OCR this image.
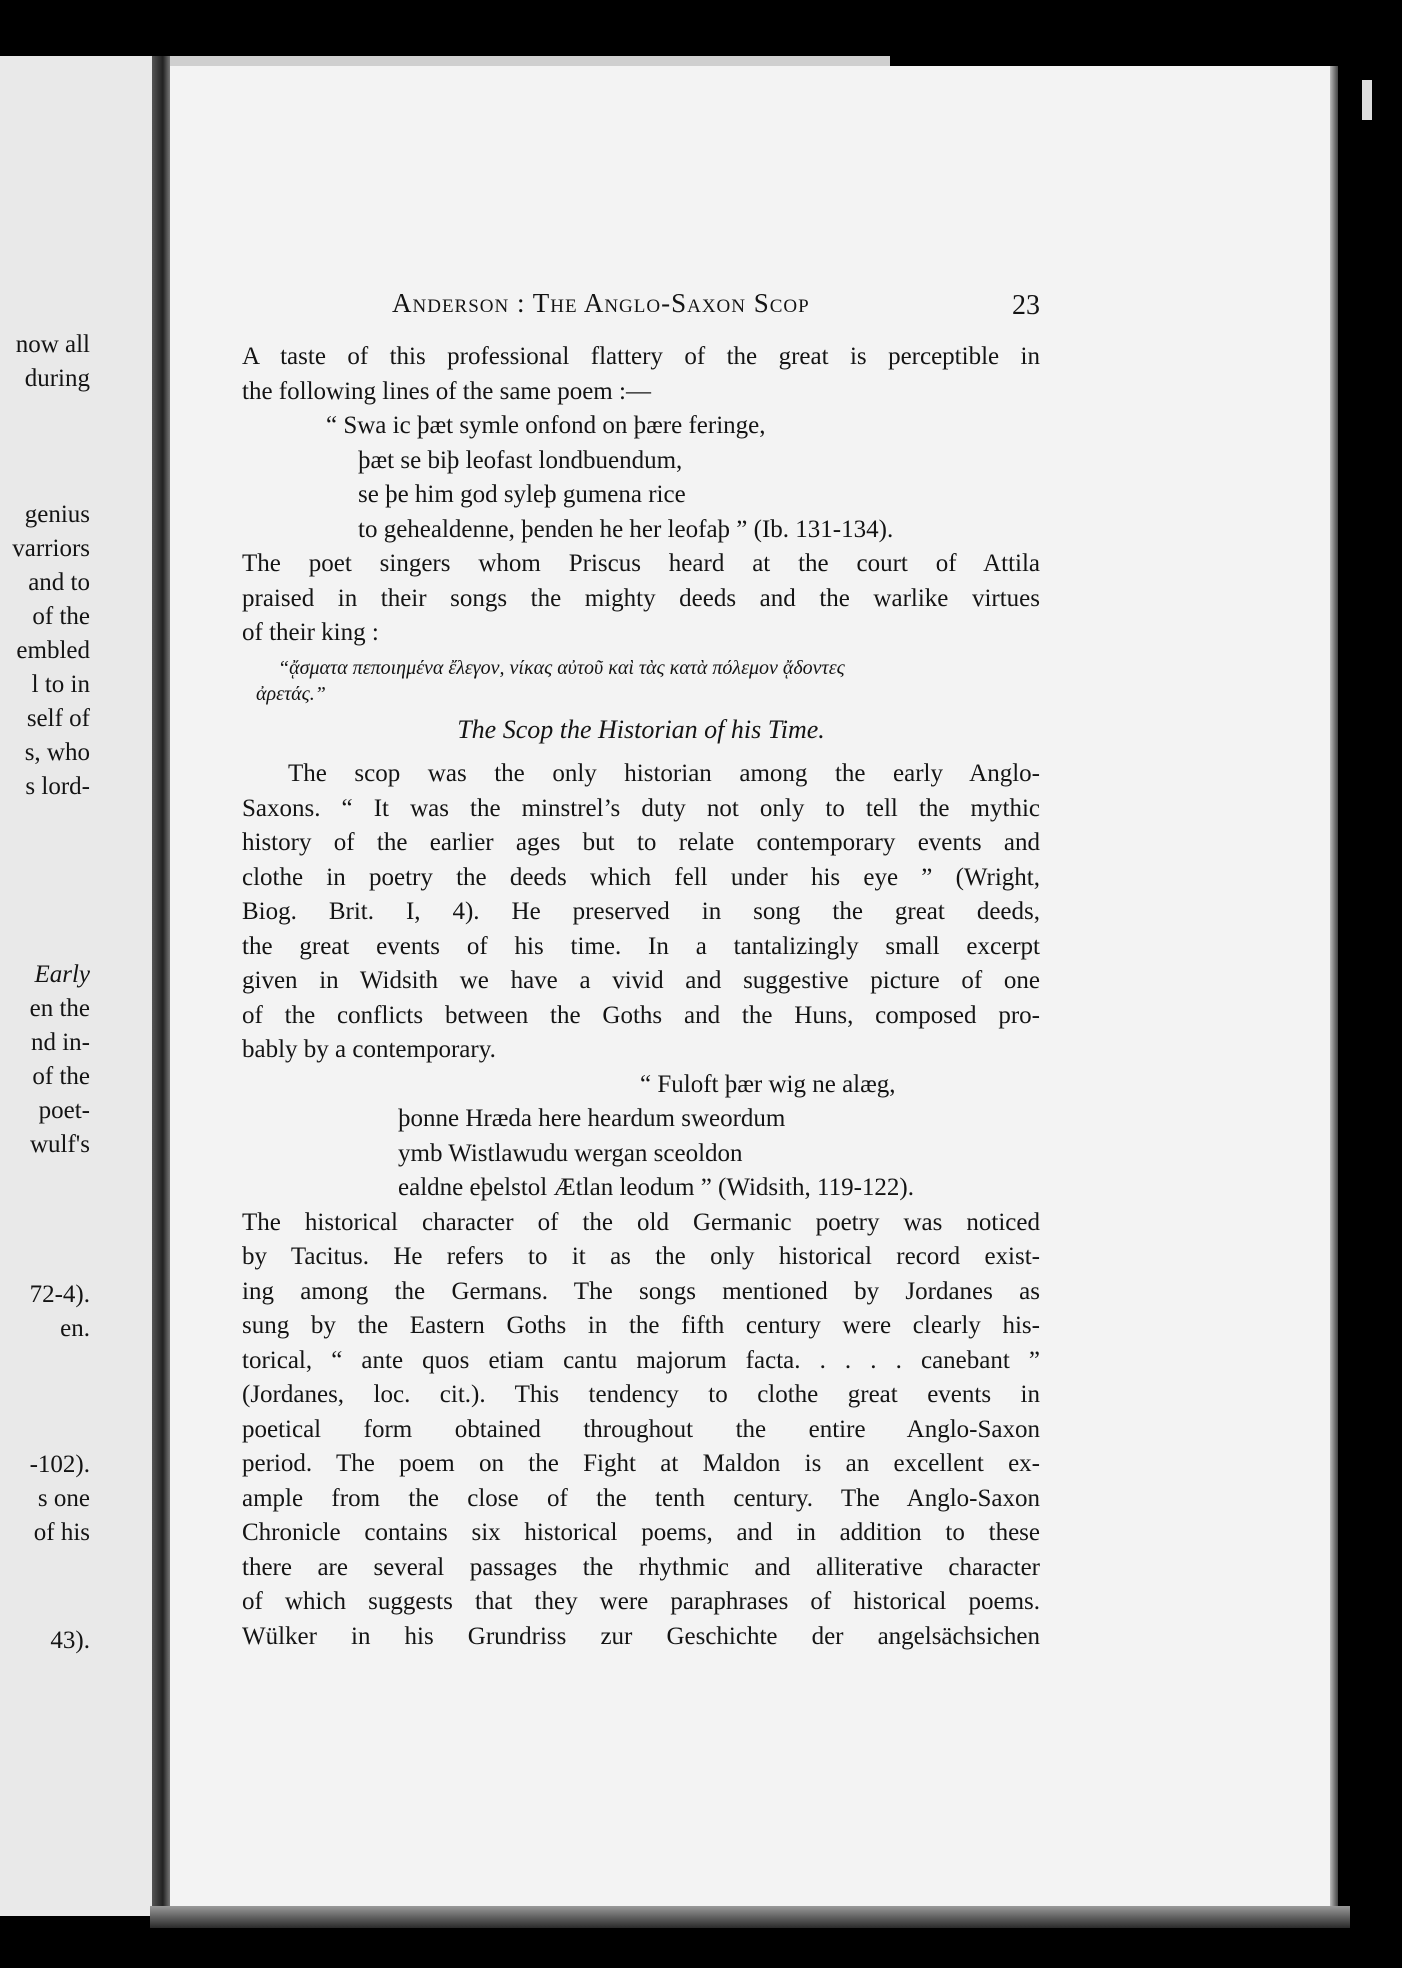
now all
during
genius
varriors
and to
of the
embled
l to in
self of
s, who
s lord-
Early
en the
nd in-
of the
poet-
wulf's
72-4).
en.
-102).
s one
of his
43).
Anderson : The Anglo-Saxon Scop	23
A taste of this professional flattery of the great is perceptible in
the following lines of the same poem :—
“ Swa ic þæt symle onfond on þære feringe,
þæt se biþ leofast londbuendum,
se þe him god syleþ gumena rice
to gehealdenne, þenden he her leofaþ ” (Ib. 131-134).
The poet singers whom Priscus heard at the court of Attila
praised in their songs the mighty deeds and the warlike virtues
of their king :
“ᾄσματα πεποιημένα ἔλεγον, νίκας αὐτοῦ καὶ τὰς κατὰ πόλεμον ᾄδοντες
ἀρετάς.”
The Scop the Historian of his Time.
The scop was the only historian among the early Anglo-
Saxons. “ It was the minstrel’s duty not only to tell the mythic
history of the earlier ages but to relate contemporary events and
clothe in poetry the deeds which fell under his eye ” (Wright,
Biog. Brit. I, 4). He preserved in song the great deeds,
the great events of his time. In a tantalizingly small excerpt
given in Widsith we have a vivid and suggestive picture of one
of the conflicts between the Goths and the Huns, composed pro-
bably by a contemporary.
“ Fuloft þær wig ne alæg,
þonne Hræda here heardum sweordum
ymb Wistlawudu wergan sceoldon
ealdne eþelstol Ætlan leodum ” (Widsith, 119-122).
The historical character of the old Germanic poetry was noticed
by Tacitus. He refers to it as the only historical record exist-
ing among the Germans. The songs mentioned by Jordanes as
sung by the Eastern Goths in the fifth century were clearly his-
torical, “ ante quos etiam cantu majorum facta. . . . . canebant ”
(Jordanes, loc. cit.). This tendency to clothe great events in
poetical form obtained throughout the entire Anglo-Saxon
period. The poem on the Fight at Maldon is an excellent ex-
ample from the close of the tenth century. The Anglo-Saxon
Chronicle contains six historical poems, and in addition to these
there are several passages the rhythmic and alliterative character
of which suggests that they were paraphrases of historical poems.
Wülker in his Grundriss zur Geschichte der angelsächsichen
